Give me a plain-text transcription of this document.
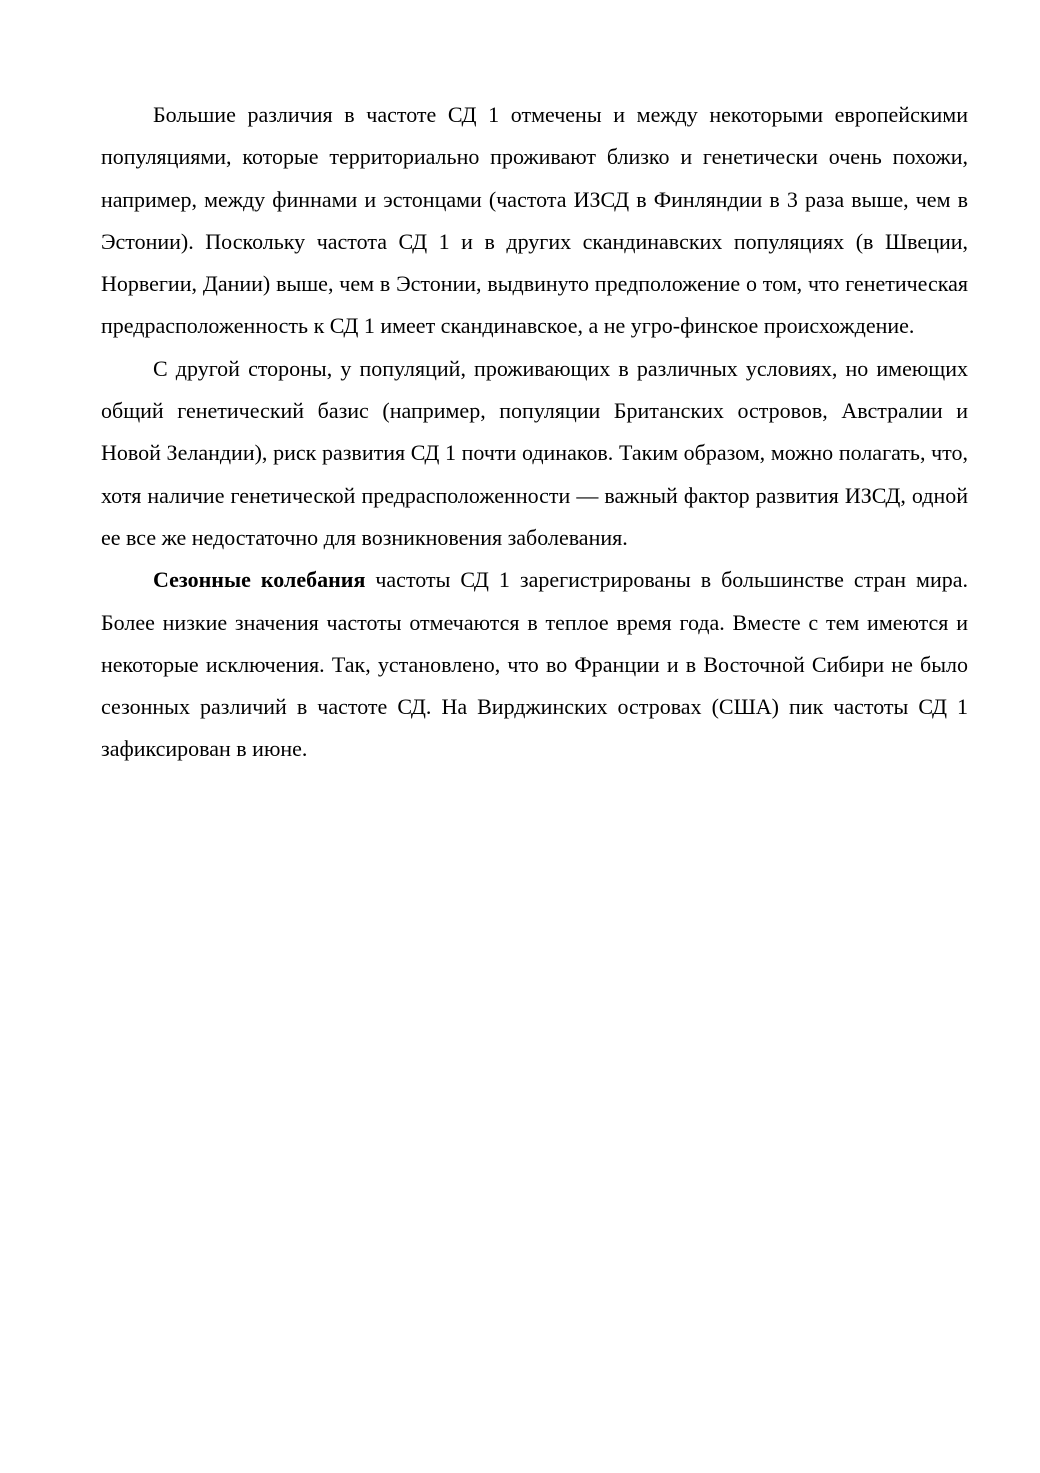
Большие различия в частоте СД 1 отмечены и между некоторыми европейскими популяциями, которые территориально проживают близко и генетически очень похожи, например, между финнами и эстонцами (частота ИЗСД в Финляндии в 3 раза выше, чем в Эстонии). Поскольку частота СД 1 и в других скандинавских популяциях (в Швеции, Норвегии, Дании) выше, чем в Эстонии, выдвинуто предположение о том, что генетическая предрасположенность к СД 1 имеет скандинавское, а не угро-финское происхождение.

С другой стороны, у популяций, проживающих в различных условиях, но имеющих общий генетический базис (например, популяции Британских островов, Австралии и Новой Зеландии), риск развития СД 1 почти одинаков. Таким образом, можно полагать, что, хотя наличие генетической предрасположенности — важный фактор развития ИЗСД, одной ее все же недостаточно для возникновения заболевания.

Сезонные колебания частоты СД 1 зарегистрированы в большинстве стран мира. Более низкие значения частоты отмечаются в теплое время года. Вместе с тем имеются и некоторые исключения. Так, установлено, что во Франции и в Восточной Сибири не было сезонных различий в частоте СД. На Вирджинских островах (США) пик частоты СД 1 зафиксирован в июне.
